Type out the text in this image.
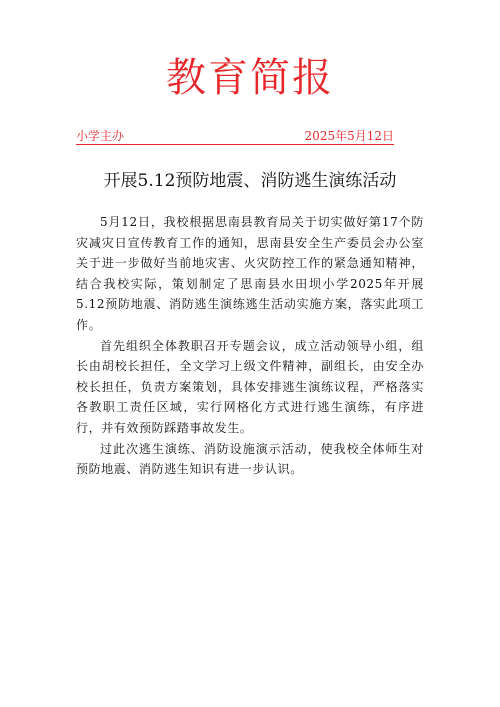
教育简报
小学主办	2025年5月12日
开展5.12预防地震、消防逃生演练活动

5月12日，我校根据思南县教育局关于切实做好第17个防灾减灾日宣传教育工作的通知，思南县安全生产委员会办公室关于进一步做好当前地灾害、火灾防控工作的紧急通知精神，结合我校实际，策划制定了思南县水田坝小学2025年开展5.12预防地震、消防逃生演练逃生活动实施方案，落实此项工作。

首先组织全体教职召开专题会议，成立活动领导小组，组长由胡校长担任，全文学习上级文件精神，副组长，由安全办校长担任，负责方案策划，具体安排逃生演练议程，严格落实各教职工责任区域，实行网格化方式进行逃生演练，有序进行，并有效预防踩踏事故发生。

过此次逃生演练、消防设施演示活动，使我校全体师生对预防地震、消防逃生知识有进一步认识。
